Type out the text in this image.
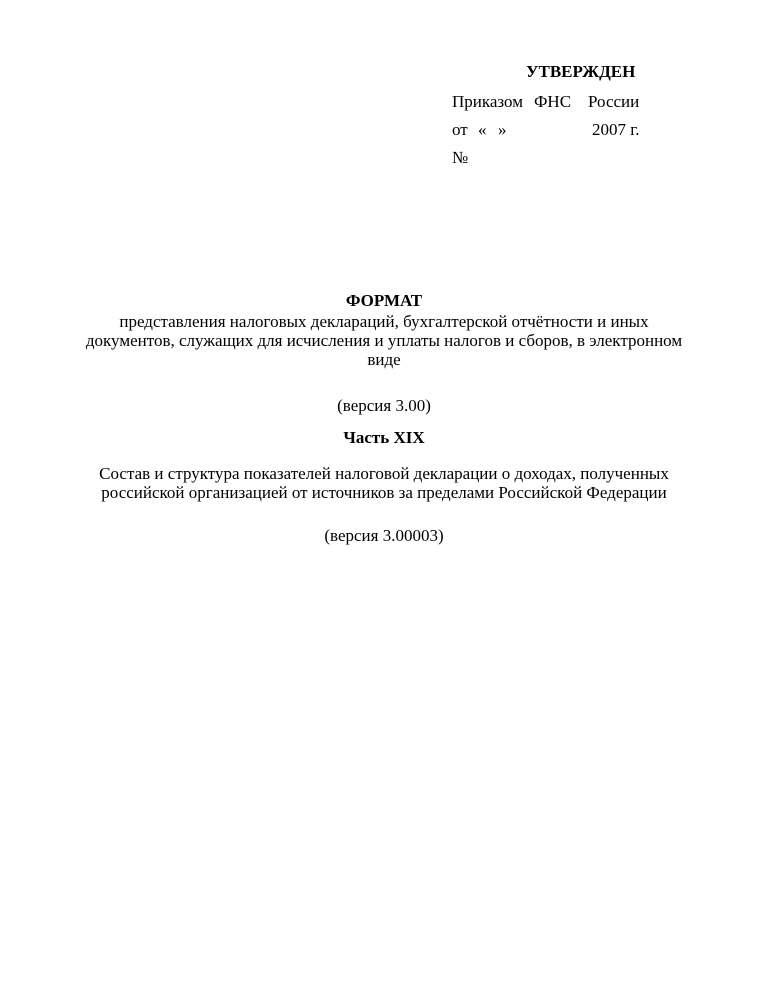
УТВЕРЖДЕН
Приказом ФНС России
от « »	2007 г.
№
ФОРМАТ
представления налоговых деклараций, бухгалтерской отчётности и иных документов, служащих для исчисления и уплаты налогов и сборов, в электронном виде
(версия 3.00)
Часть XIX
Состав и структура показателей налоговой декларации о доходах, полученных российской организацией от источников за пределами Российской Федерации
(версия 3.00003)
